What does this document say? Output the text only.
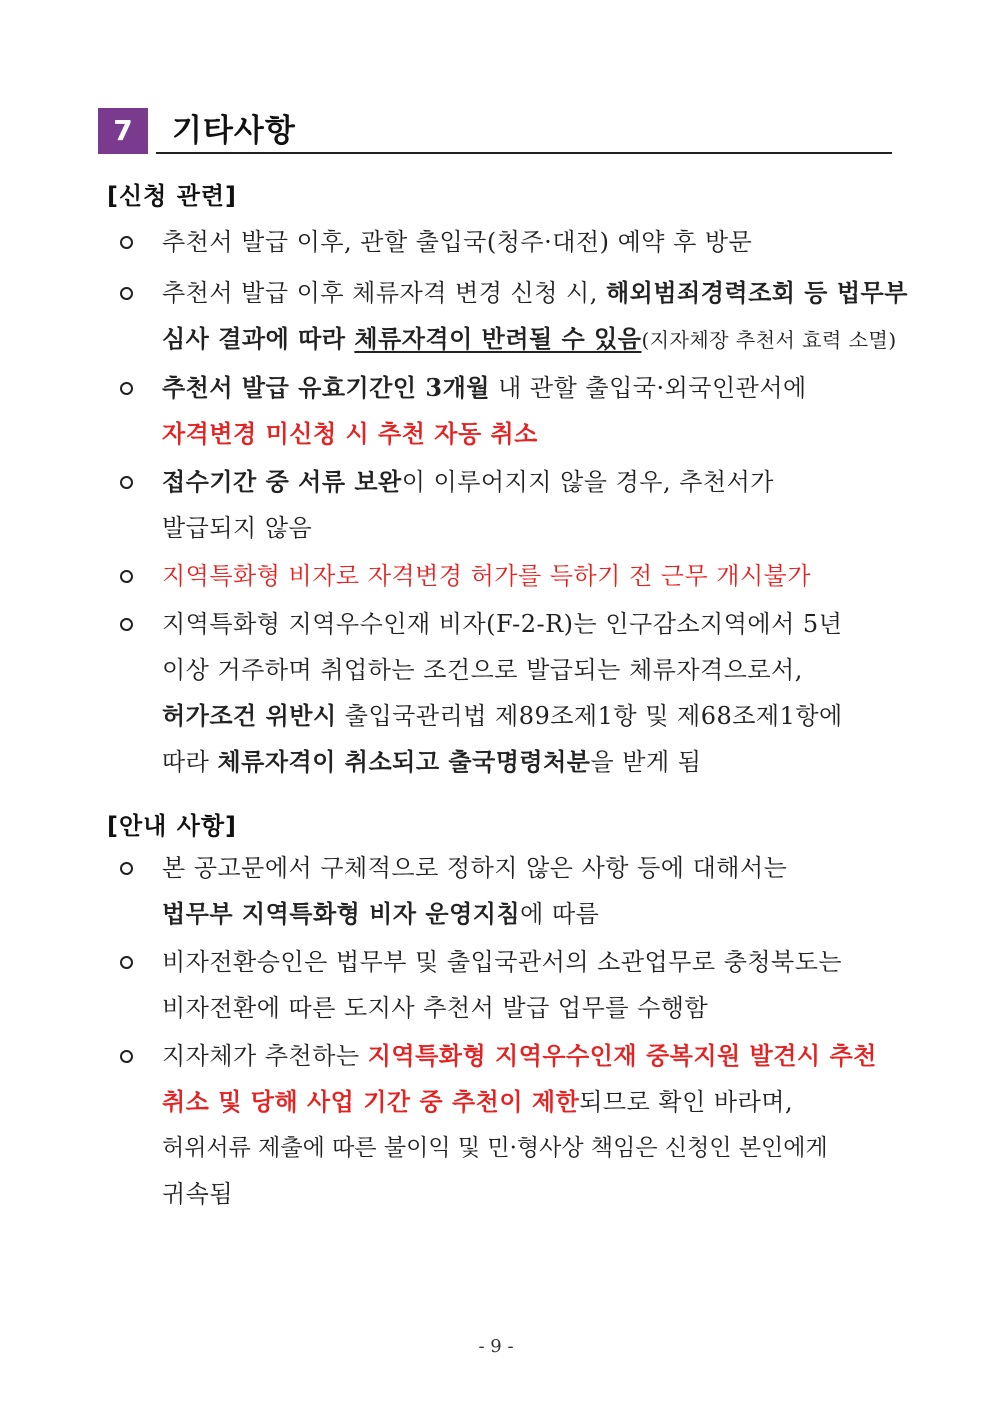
7	기타사항
[신청 관련]
추천서 발급 이후, 관할 출입국(청주·대전) 예약 후 방문
추천서 발급 이후 체류자격 변경 신청 시, 해외범죄경력조회 등 법무부
심사 결과에 따라 체류자격이 반려될 수 있음(지자체장 추천서 효력 소멸)
추천서 발급 유효기간인 3개월 내 관할 출입국·외국인관서에
자격변경 미신청 시 추천 자동 취소
접수기간 중 서류 보완이 이루어지지 않을 경우, 추천서가
발급되지 않음
지역특화형 비자로 자격변경 허가를 득하기 전 근무 개시불가
지역특화형 지역우수인재 비자(F-2-R)는 인구감소지역에서 5년
이상 거주하며 취업하는 조건으로 발급되는 체류자격으로서,
허가조건 위반시 출입국관리법 제89조제1항 및 제68조제1항에
따라 체류자격이 취소되고 출국명령처분을 받게 됨
[안내 사항]
본 공고문에서 구체적으로 정하지 않은 사항 등에 대해서는
법무부 지역특화형 비자 운영지침에 따름
비자전환승인은 법무부 및 출입국관서의 소관업무로 충청북도는
비자전환에 따른 도지사 추천서 발급 업무를 수행함
지자체가 추천하는 지역특화형 지역우수인재 중복지원 발견시 추천
취소 및 당해 사업 기간 중 추천이 제한되므로 확인 바라며,
허위서류 제출에 따른 불이익 및 민·형사상 책임은 신청인 본인에게
귀속됨
- 9 -
